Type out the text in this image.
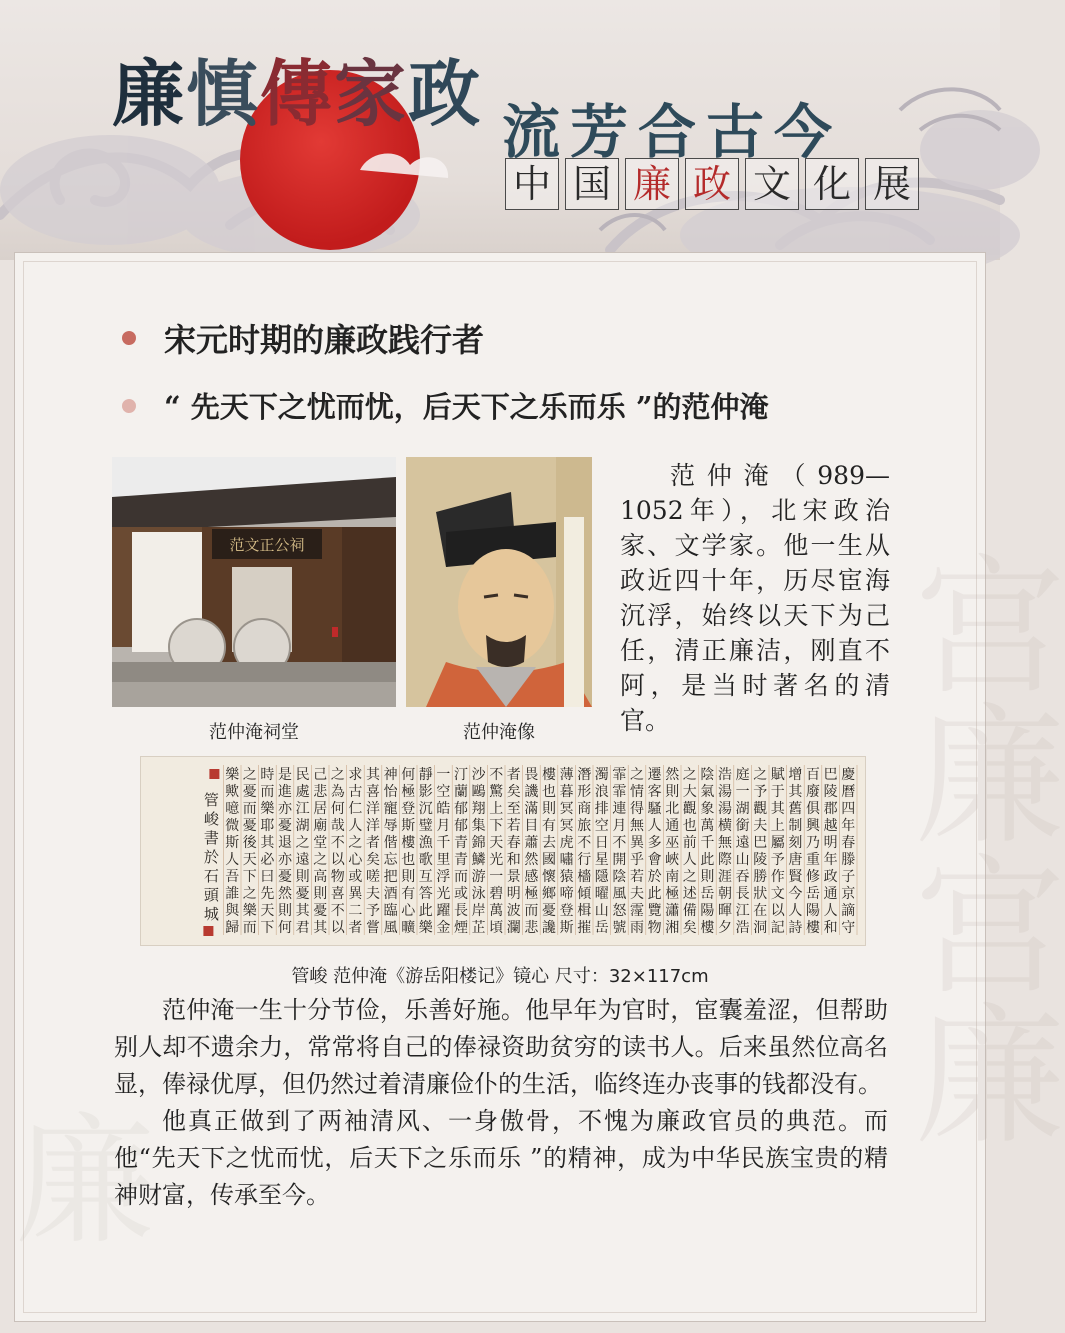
廉慎傳家政 流芳合古今
中 国 廉 政 文 化 展
宫
廉
宫
廉
廉
宋元时期的廉政践行者
“ 先天下之忧而忧，后天下之乐而乐 ”的范仲淹
范文正公祠
范仲淹祠堂	范仲淹像
范仲淹（989—1052年），北宋政治家、文学家。他一生从政近四十年，历尽宦海沉浮，始终以天下为己任，清正廉洁，刚直不阿，是当时著名的清官。
慶
曆
四
年
春
滕
子
京
謫
守
巴
陵
郡
越
明
年
政
通
人
和
百
廢
俱
興
乃
重
修
岳
陽
樓
增
其
舊
制
刻
唐
賢
今
人
詩
賦
于
其
上
屬
予
作
文
以
記
之
予
觀
夫
巴
陵
勝
狀
在
洞
庭
一
湖
銜
遠
山
吞
長
江
浩
浩
湯
湯
横
無
際
涯
朝
暉
夕
陰
氣
象
萬
千
此
則
岳
陽
樓
之
大
觀
也
前
人
之
述
備
矣
然
則
北
通
巫
峽
南
極
瀟
湘
遷
客
騷
人
多
會
於
此
覽
物
之
情
得
無
異
乎
若
夫
霪
雨
霏
霏
連
月
不
開
陰
風
怒
號
濁
浪
排
空
日
星
隱
曜
山
岳
潛
形
商
旅
不
行
檣
傾
楫
摧
薄
暮
冥
冥
虎
嘯
猿
啼
登
斯
樓
也
則
有
去
國
懷
鄉
憂
讒
畏
譏
滿
目
蕭
然
感
極
而
悲
者
矣
至
若
春
和
景
明
波
瀾
不
驚
上
下
天
光
一
碧
萬
頃
沙
鷗
翔
集
錦
鱗
游
泳
岸
芷
汀
蘭
郁
郁
青
青
而
或
長
煙
一
空
皓
月
千
里
浮
光
躍
金
靜
影
沉
璧
漁
歌
互
答
此
樂
何
極
登
斯
樓
也
則
有
心
曠
神
怡
寵
辱
偕
忘
把
酒
臨
風
其
喜
洋
洋
者
矣
嗟
夫
予
嘗
求
古
仁
人
之
心
或
異
二
者
之
為
何
哉
不
以
物
喜
不
以
己
悲
居
廟
堂
之
高
則
憂
其
民
處
江
湖
之
遠
則
憂
其
君
是
進
亦
憂
退
亦
憂
然
則
何
時
而
樂
耶
其
必
曰
先
天
下
之
憂
而
憂
後
天
下
之
樂
而
樂
歟
噫
微
斯
人
吾
誰
與
歸
管
峻
書
於
石
頭
城
管峻 范仲淹《游岳阳楼记》镜心 尺寸：32×117cm

范仲淹一生十分节俭，乐善好施。他早年为官时，宦囊羞涩，但帮助别人却不遗余力，常常将自己的俸禄资助贫穷的读书人。后来虽然位高名显，俸禄优厚，但仍然过着清廉俭仆的生活，临终连办丧事的钱都没有。

他真正做到了两袖清风、一身傲骨，不愧为廉政官员的典范。而他“先天下之忧而忧，后天下之乐而乐 ”的精神，成为中华民族宝贵的精神财富，传承至今。
